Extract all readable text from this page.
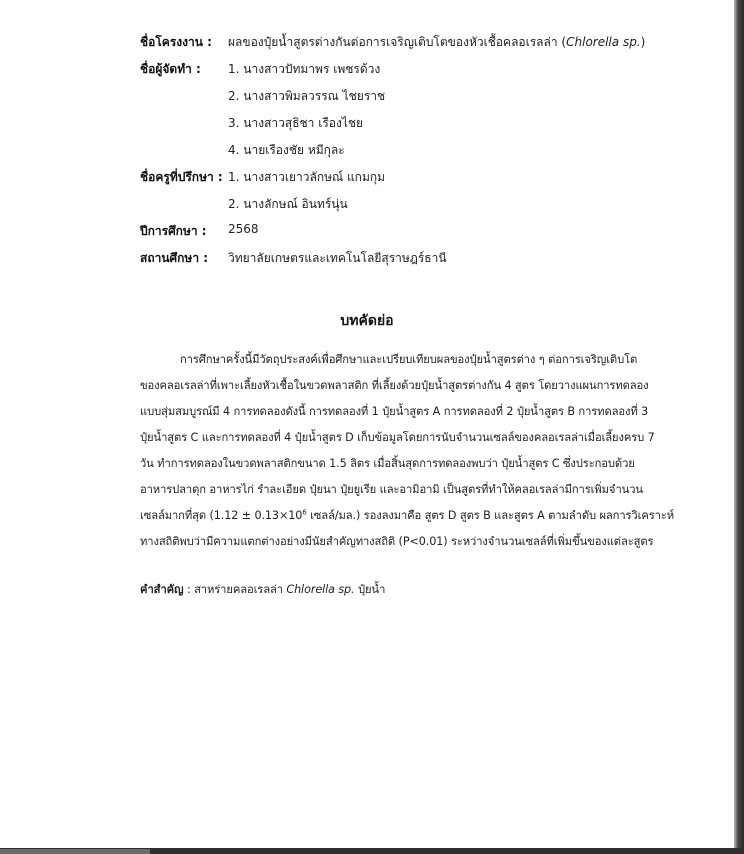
ชื่อโครงงาน : ผลของปุ๋ยน้ำสูตรต่างกันต่อการเจริญเติบโตของหัวเชื้อคลอเรลล่า (Chlorella sp.)
ชื่อผู้จัดทำ : 1. นางสาวปัทมาพร เพชรด้วง
2. นางสาวพิมลวรรณ ไชยราช
3. นางสาวสุธิชา เรืองไชย
4. นายเรืองชัย หมีกุละ
ชื่อครูที่ปรึกษา : 1. นางสาวเยาวลักษณ์ แกมกุม
2. นางลักษณ์ อินทร์นุ่น
ปีการศึกษา : 2568
สถานศึกษา : วิทยาลัยเกษตรและเทคโนโลยีสุราษฎร์ธานี
บทคัดย่อ
การศึกษาครั้งนี้มีวัตถุประสงค์เพื่อศึกษาและเปรียบเทียบผลของปุ๋ยน้ำสูตรต่าง ๆ ต่อการเจริญเติบโต
ของคลอเรลล่าที่เพาะเลี้ยงหัวเชื้อในขวดพลาสติก ที่เลี้ยงด้วยปุ๋ยน้ำสูตรต่างกัน 4 สูตร โดยวางแผนการทดลอง
แบบสุ่มสมบูรณ์มี 4 การทดลองดังนี้ การทดลองที่ 1 ปุ๋ยน้ำสูตร A การทดลองที่ 2 ปุ๋ยน้ำสูตร B การทดลองที่ 3
ปุ๋ยน้ำสูตร C และการทดลองที่ 4 ปุ๋ยน้ำสูตร D เก็บข้อมูลโดยการนับจำนวนเซลล์ของคลอเรลล่าเมื่อเลี้ยงครบ 7
วัน ทำการทดลองในขวดพลาสติกขนาด 1.5 ลิตร เมื่อสิ้นสุดการทดลองพบว่า ปุ๋ยน้ำสูตร C ซึ่งประกอบด้วย
อาหารปลาดุก อาหารไก่ รำละเอียด ปุ๋ยนา ปุ๋ยยูเรีย และอามิอามิ เป็นสูตรที่ทำให้คลอเรลล่ามีการเพิ่มจำนวน
เซลล์มากที่สุด ($1.12 \pm 0.13\times 10^6$ เซลล์/มล.) รองลงมาคือ สูตร D สูตร B และสูตร A ตามลำดับ ผลการวิเคราะห์
ทางสถิติพบว่ามีความแตกต่างอย่างมีนัยสำคัญทางสถิติ (P<0.01) ระหว่างจำนวนเซลล์ที่เพิ่มขึ้นของแต่ละสูตร
คำสำคัญ : สาหร่ายคลอเรลล่า Chlorella sp. ปุ๋ยน้ำ
